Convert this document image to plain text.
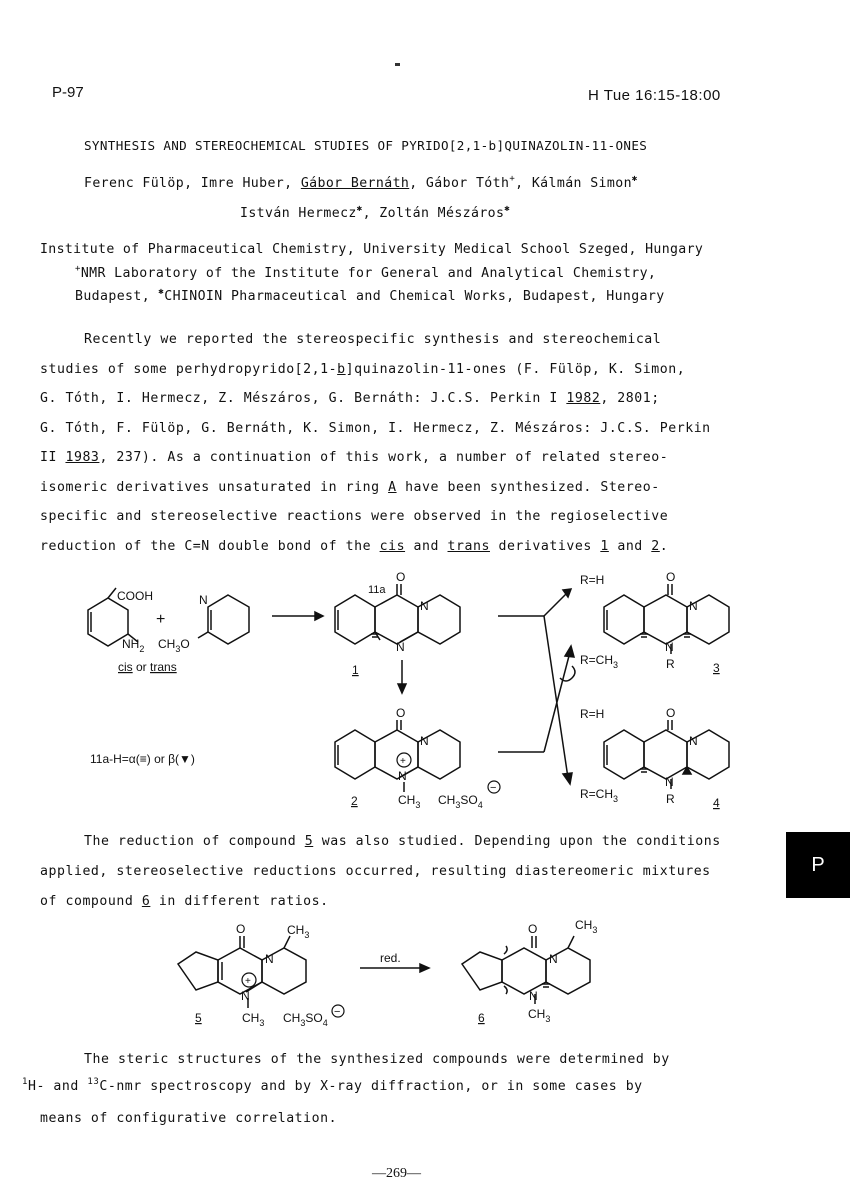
P-97	H Tue 16:15-18:00
SYNTHESIS AND STEREOCHEMICAL STUDIES OF PYRIDO[2,1-b]QUINAZOLIN-11-ONES
Ferenc Fülöp, Imre Huber, Gábor Bernáth, Gábor Tóth+, Kálmán Simon✱
István Hermecz✱, Zoltán Mészáros✱
Institute of Pharmaceutical Chemistry, University Medical School Szeged, Hungary
+NMR Laboratory of the Institute for General and Analytical Chemistry,
Budapest, ✱CHINOIN Pharmaceutical and Chemical Works, Budapest, Hungary
Recently we reported the stereospecific synthesis and stereochemical
studies of some perhydropyrido[2,1-b]quinazolin-11-ones (F. Fülöp, K. Simon,
G. Tóth, I. Hermecz, Z. Mészáros, G. Bernáth: J.C.S. Perkin I 1982, 2801;
G. Tóth, F. Fülöp, G. Bernáth, K. Simon, I. Hermecz, Z. Mészáros: J.C.S. Perkin
II 1983, 237). As a continuation of this work, a number of related stereo-
isomeric derivatives unsaturated in ring A have been synthesized. Stereo-
specific and stereoselective reactions were observed in the regioselective
reduction of the C=N double bond of the cis and trans derivatives 1 and 2.
COOH
$NH_2$
+
N
$CH_3O$
cis or trans
O
11a
N
N
1
O
N
+
N
$CH_3$ $CH_3SO_4$
−
2
11a-H=α(≡) or β(▼)
R=H
$R=CH_3$
O
N
N
R	3
R=H
$R=CH_3$
O
N
N
R	4
The reduction of compound 5 was also studied. Depending upon the conditions
applied, stereoselective reductions occurred, resulting diastereomeric mixtures
of compound 6 in different ratios.
O
N
+
N
$CH_3$
$CH_3$ $CH_3SO_4$
−
5
red.
O
N
N
$CH_3$
$CH_3$
6
The steric structures of the synthesized compounds were determined by
$^1$H- and $^{13}$C-nmr spectroscopy and by X-ray diffraction, or in some cases by
means of configurative correlation.
—269—
P
